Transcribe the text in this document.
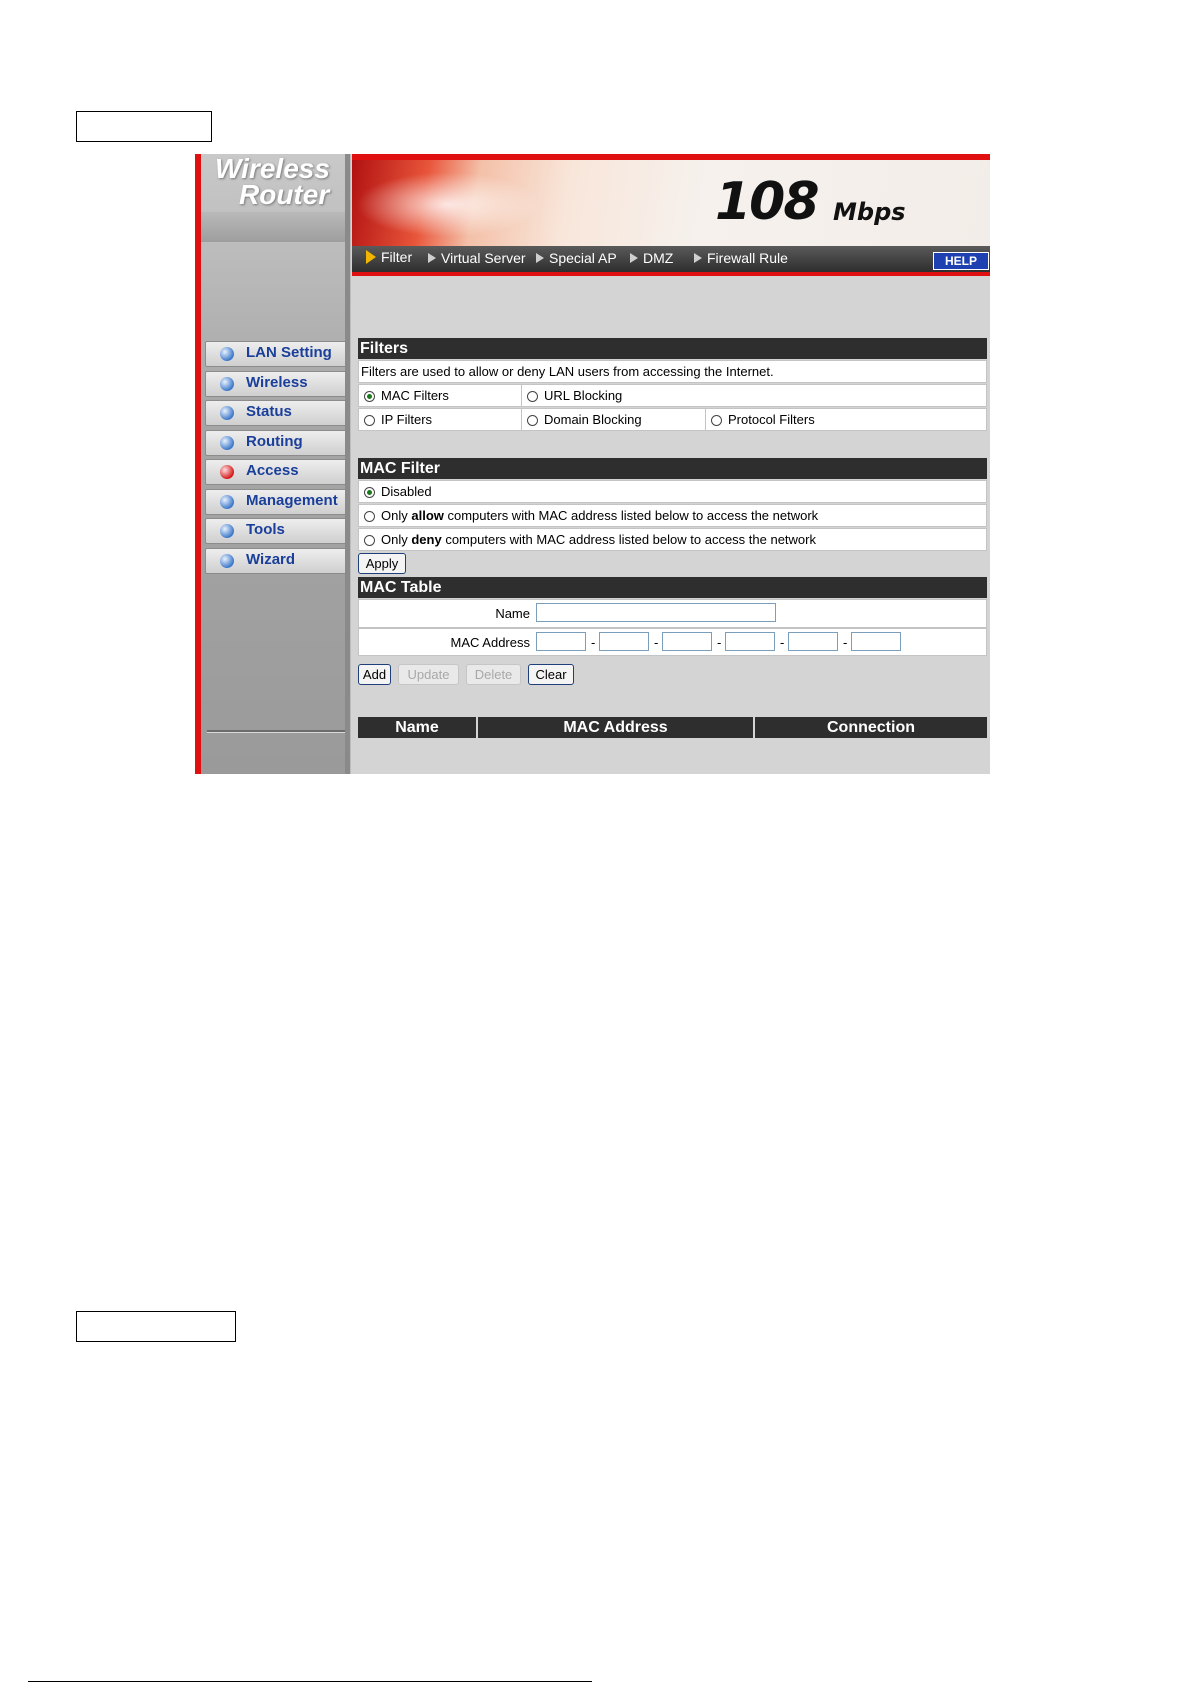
Wireless
Router
LAN Setting
Wireless
Status
Routing
Access
Management
Tools
Wizard
108 Mbps
Filter	Virtual Server	Special AP	DMZ	Firewall Rule	HELP
Filters
Filters are used to allow or deny LAN users from accessing the Internet.
MAC Filters	URL Blocking
IP Filters	Domain Blocking	Protocol Filters
MAC Filter
Disabled
Only allow computers with MAC address listed below to access the network
Only deny computers with MAC address listed below to access the network
Apply
MAC Table
Name
MAC Address	-	-	-	-	-
Add	Update	Delete	Clear
Name	MAC Address	Connection
